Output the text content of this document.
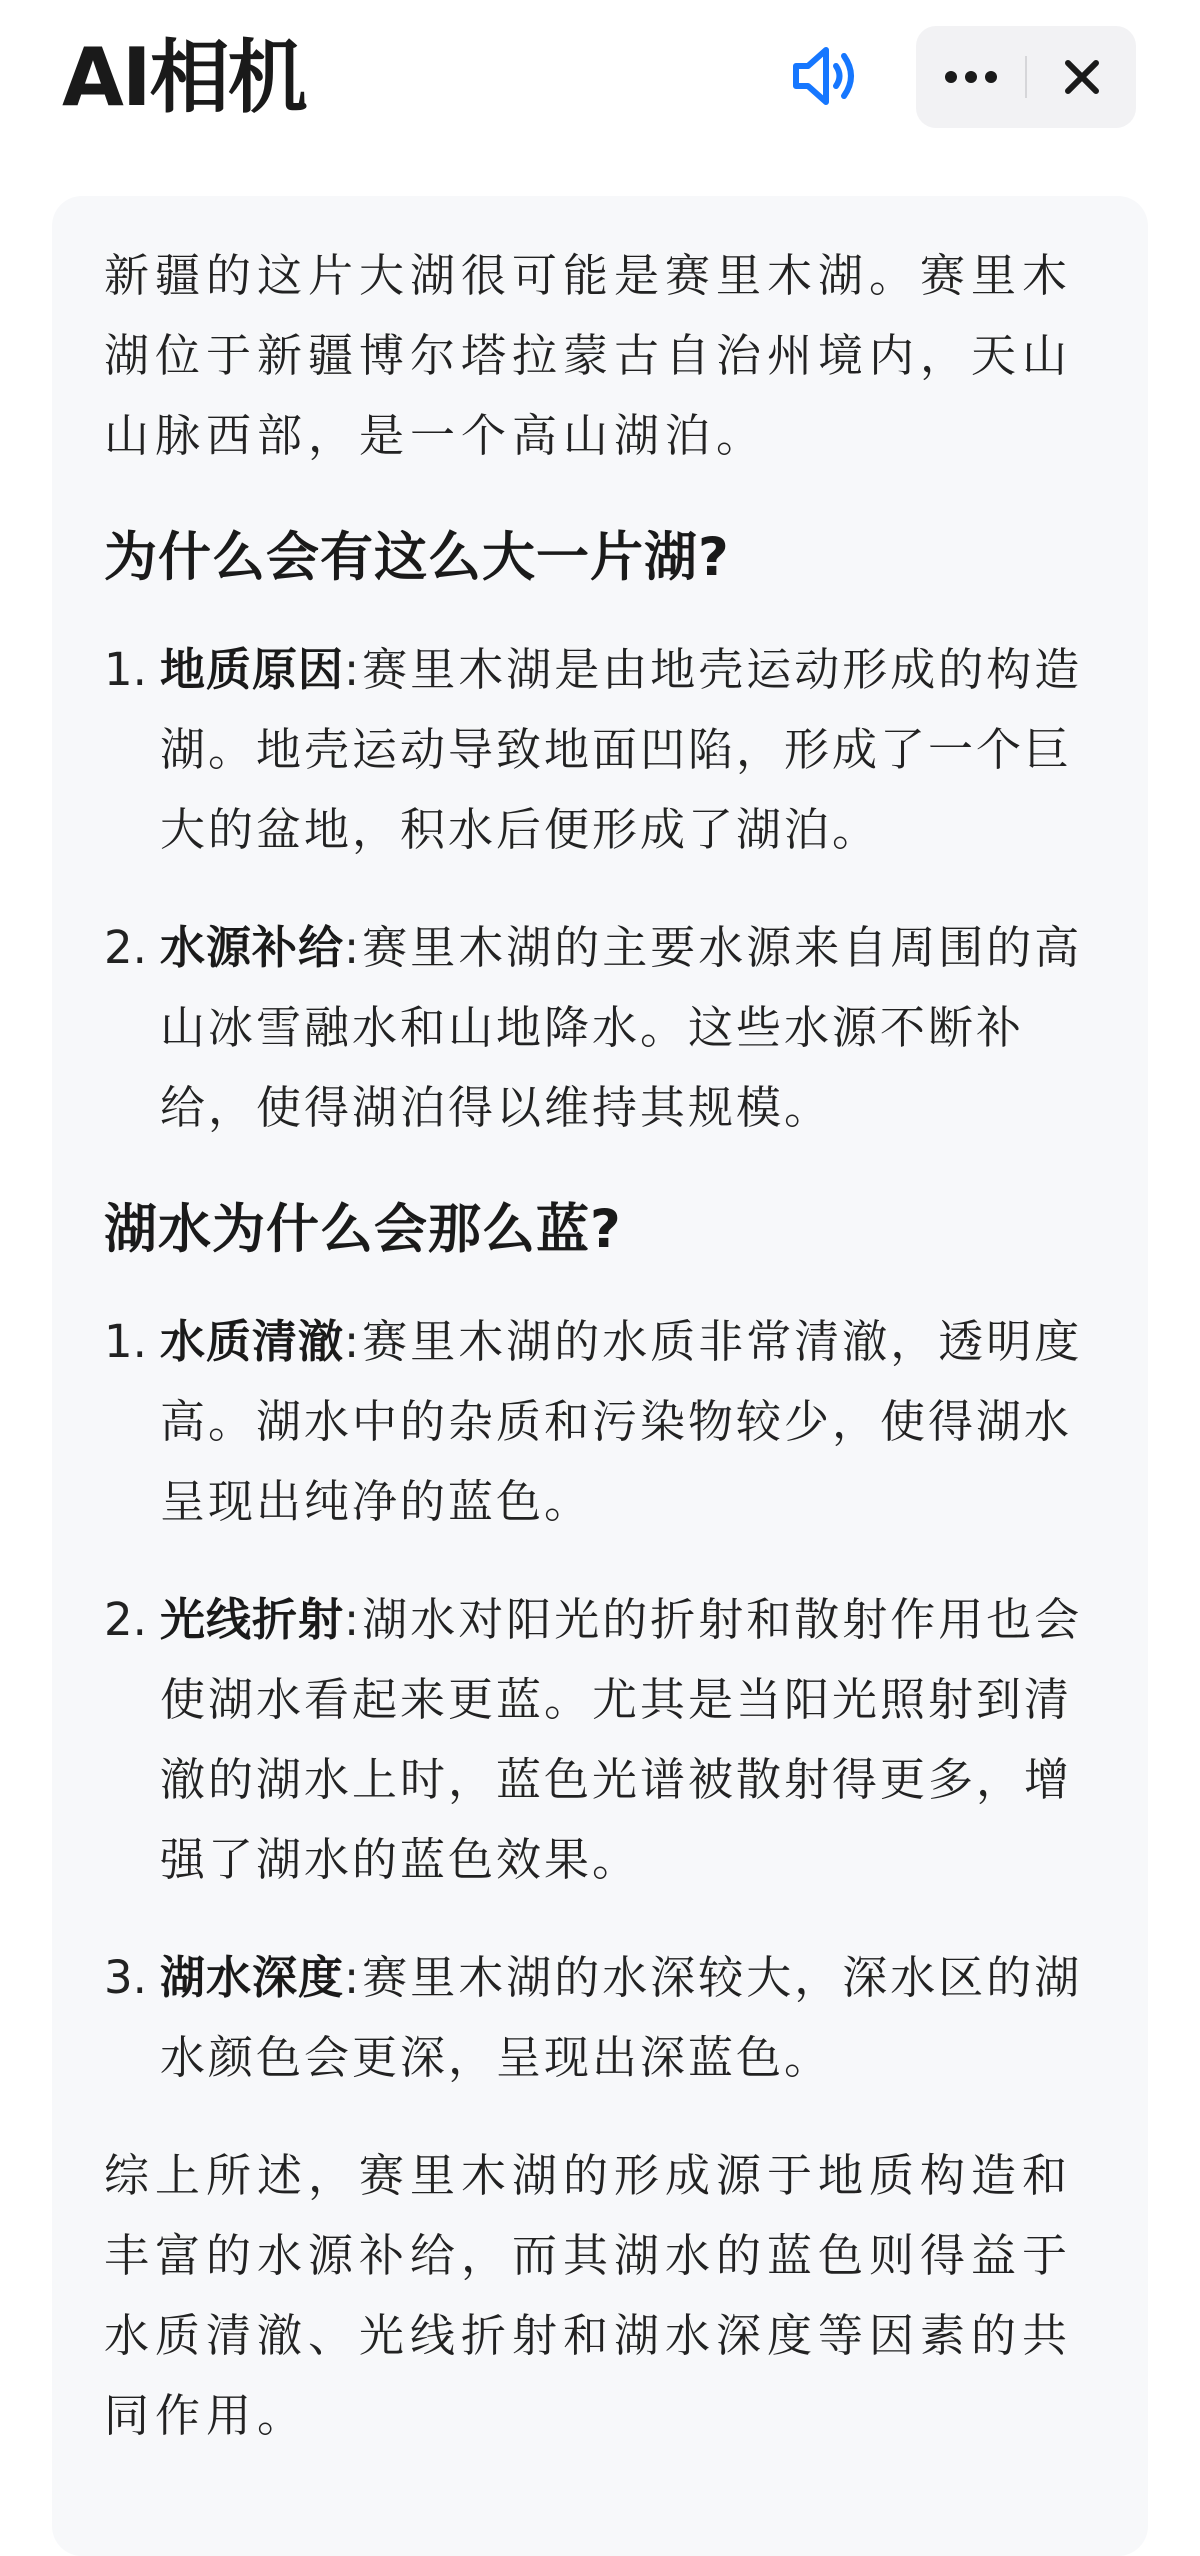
AI相机

新疆的这片大湖很可能是赛里木湖。赛里木湖位于新疆博尔塔拉蒙古自治州境内，天山山脉西部，是一个高山湖泊。

为什么会有这么大一片湖?
1. 地质原因:赛里木湖是由地壳运动形成的构造湖。地壳运动导致地面凹陷，形成了一个巨大的盆地，积水后便形成了湖泊。
2. 水源补给:赛里木湖的主要水源来自周围的高山冰雪融水和山地降水。这些水源不断补给，使得湖泊得以维持其规模。
湖水为什么会那么蓝?
1. 水质清澈:赛里木湖的水质非常清澈，透明度高。湖水中的杂质和污染物较少，使得湖水呈现出纯净的蓝色。
2. 光线折射:湖水对阳光的折射和散射作用也会使湖水看起来更蓝。尤其是当阳光照射到清澈的湖水上时，蓝色光谱被散射得更多，增强了湖水的蓝色效果。
3. 湖水深度:赛里木湖的水深较大，深水区的湖水颜色会更深，呈现出深蓝色。

综上所述，赛里木湖的形成源于地质构造和丰富的水源补给，而其湖水的蓝色则得益于水质清澈、光线折射和湖水深度等因素的共同作用。
